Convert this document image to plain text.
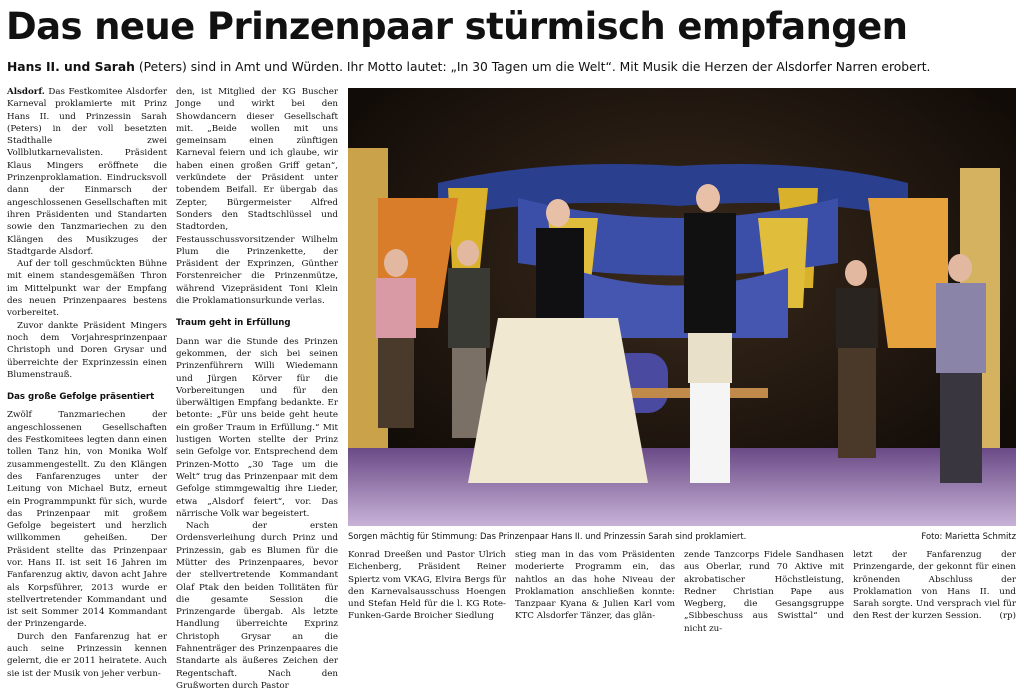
Das neue Prinzenpaar stürmisch empfangen
Hans II. und Sarah (Peters) sind in Amt und Würden. Ihr Motto lautet: „In 30 Tagen um die Welt“. Mit Musik die Herzen der Alsdorfer Narren erobert.

Alsdorf. Das Festkomitee Alsdorfer Karneval proklamierte mit Prinz Hans II. und Prinzessin Sarah (Peters) in der voll besetzten Stadthalle zwei Vollblutkarnevalisten. Präsident Klaus Mingers eröffnete die Prinzenproklamation. Eindrucksvoll dann der Einmarsch der angeschlossenen Gesellschaften mit ihren Präsidenten und Standarten sowie den Tanzmariechen zu den Klängen des Musikzuges der Stadtgarde Alsdorf.

Auf der toll geschmückten Bühne mit einem standesgemäßen Thron im Mittelpunkt war der Empfang des neuen Prinzenpaares bestens vorbereitet.

Zuvor dankte Präsident Mingers noch dem Vorjahresprinzenpaar Christoph und Doren Grysar und überreichte der Exprinzessin einen Blumenstrauß.

Das große Gefolge präsentiert

Zwölf Tanzmariechen der angeschlossenen Gesellschaften des Festkomitees legten dann einen tollen Tanz hin, von Monika Wolf zusammengestellt. Zu den Klängen des Fanfarenzuges unter der Leitung von Michael Butz, erneut ein Programmpunkt für sich, wurde das Prinzenpaar mit großem Gefolge begeistert und herzlich willkommen geheißen. Der Präsident stellte das Prinzenpaar vor. Hans II. ist seit 16 Jahren im Fanfarenzug aktiv, davon acht Jahre als Korpsführer, 2013 wurde er stellvertretender Kommandant und ist seit Sommer 2014 Kommandant der Prinzengarde.

Durch den Fanfarenzug hat er auch seine Prinzessin kennen gelernt, die er 2011 heiratete. Auch sie ist der Musik von jeher verbun-

den, ist Mitglied der KG Buscher Jonge und wirkt bei den Showdancern dieser Gesellschaft mit. „Beide wollen mit uns gemeinsam einen zünftigen Karneval feiern und ich glaube, wir haben einen großen Griff getan“, verkündete der Präsident unter tobendem Beifall. Er übergab das Zepter, Bürgermeister Alfred Sonders den Stadtschlüssel und Stadtorden, Festausschussvorsitzender Wilhelm Plum die Prinzenkette, der Präsident der Exprinzen, Günther Forstenreicher die Prinzenmütze, während Vizepräsident Toni Klein die Proklamationsurkunde verlas.

Traum geht in Erfüllung

Dann war die Stunde des Prinzen gekommen, der sich bei seinen Prinzenführern Willi Wiedemann und Jürgen Körver für die Vorbereitungen und für den überwältigen Empfang bedankte. Er betonte: „Für uns beide geht heute ein großer Traum in Erfüllung.“ Mit lustigen Worten stellte der Prinz sein Gefolge vor. Entsprechend dem Prinzen-Motto „30 Tage um die Welt“ trug das Prinzenpaar mit dem Gefolge stimmgewaltig ihre Lieder, etwa „Alsdorf feiert“, vor. Das närrische Volk war begeistert.

Nach der ersten Ordensverleihung durch Prinz und Prinzessin, gab es Blumen für die Mütter des Prinzenpaares, bevor der stellvertretende Kommandant Olaf Ptak den beiden Tollitäten für die gesamte Session die Prinzengarde übergab. Als letzte Handlung überreichte Exprinz Christoph Grysar an die Fahnenträger des Prinzenpaares die Standarte als äußeres Zeichen der Regentschaft. Nach den Grußworten durch Pastor

Sorgen mächtig für Stimmung: Das Prinzenpaar Hans II. und Prinzessin Sarah sind proklamiert.	Foto: Marietta Schmitz
Konrad Dreeßen und Pastor Ulrich Eichenberg, Präsident Reiner Spiertz vom VKAG, Elvira Bergs für den Karnevalsausschuss Hoengen und Stefan Held für die l. KG Rote-Funken-Garde Broicher Siedlung
stieg man in das vom Präsidenten moderierte Programm ein, das nahtlos an das hohe Niveau der Proklamation anschließen konnte: Tanzpaar Kyana & Julien Karl vom KTC Alsdorfer Tänzer, das glän-
zende Tanzcorps Fidele Sandhasen aus Oberlar, rund 70 Aktive mit akrobatischer Höchstleistung, Redner Christian Pape aus Wegberg, die Gesangsgruppe „Sibbeschuss aus Swisttal“ und nicht zu-
letzt der Fanfarenzug der Prinzengarde, der gekonnt für einen krönenden Abschluss der Proklamation von Hans II. und Sarah sorgte. Und versprach viel für den Rest der kurzen Session. (rp)
